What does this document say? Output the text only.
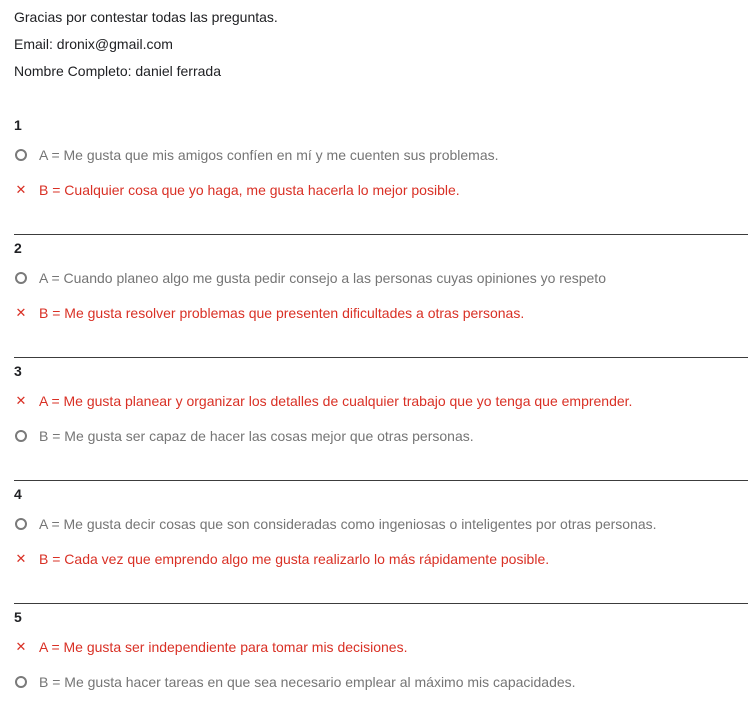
Gracias por contestar todas las preguntas.
Email: dronix@gmail.com
Nombre Completo: daniel ferrada
1
A = Me gusta que mis amigos confíen en mí y me cuenten sus problemas.
✕ B = Cualquier cosa que yo haga, me gusta hacerla lo mejor posible.
2
A = Cuando planeo algo me gusta pedir consejo a las personas cuyas opiniones yo respeto
✕ B = Me gusta resolver problemas que presenten dificultades a otras personas.
3
✕ A = Me gusta planear y organizar los detalles de cualquier trabajo que yo tenga que emprender.
B = Me gusta ser capaz de hacer las cosas mejor que otras personas.
4
A = Me gusta decir cosas que son consideradas como ingeniosas o inteligentes por otras personas.
✕ B = Cada vez que emprendo algo me gusta realizarlo lo más rápidamente posible.
5
✕ A = Me gusta ser independiente para tomar mis decisiones.
B = Me gusta hacer tareas en que sea necesario emplear al máximo mis capacidades.
